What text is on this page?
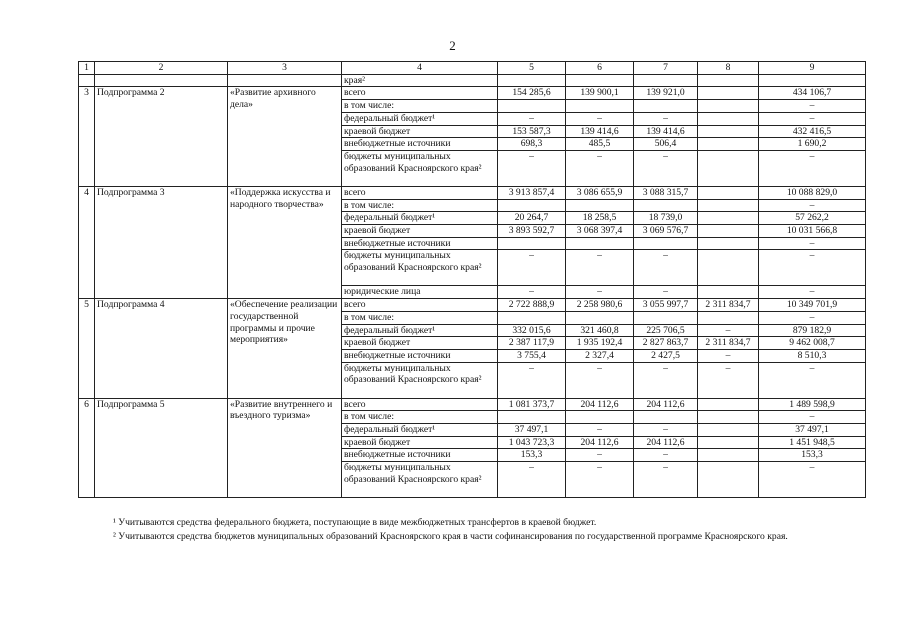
2
1	2	3	4	5	6	7	8	9
			края²					
3	Подпрограмма 2	«Развитие архивного дела»	всего	154 285,6	139 900,1	139 921,0		434 106,7
			в том числе:					–
			федеральный бюджет¹	–	–	–		–
			краевой бюджет	153 587,3	139 414,6	139 414,6		432 416,5
			внебюджетные источники	698,3	485,5	506,4		1 690,2
			бюджеты муниципальных образований Красноярского края²	–	–	–		–
4	Подпрограмма 3	«Поддержка искусства и народного творчества»	всего	3 913 857,4	3 086 655,9	3 088 315,7		10 088 829,0
			в том числе:					–
			федеральный бюджет¹	20 264,7	18 258,5	18 739,0		57 262,2
			краевой бюджет	3 893 592,7	3 068 397,4	3 069 576,7		10 031 566,8
			внебюджетные источники					–
			бюджеты муниципальных образований Красноярского края²	–	–	–		–
			юридические лица	–	–	–		–
5	Подпрограмма 4	«Обеспечение реализации государственной программы и прочие мероприятия»	всего	2 722 888,9	2 258 980,6	3 055 997,7	2 311 834,7	10 349 701,9
			в том числе:					–
			федеральный бюджет¹	332 015,6	321 460,8	225 706,5	–	879 182,9
			краевой бюджет	2 387 117,9	1 935 192,4	2 827 863,7	2 311 834,7	9 462 008,7
			внебюджетные источники	3 755,4	2 327,4	2 427,5	–	8 510,3
			бюджеты муниципальных образований Красноярского края²	–	–	–	–	–
6	Подпрограмма 5	«Развитие внутреннего и въездного туризма»	всего	1 081 373,7	204 112,6	204 112,6		1 489 598,9
			в том числе:					–
			федеральный бюджет¹	37 497,1	–	–		37 497,1
			краевой бюджет	1 043 723,3	204 112,6	204 112,6		1 451 948,5
			внебюджетные источники	153,3	–	–		153,3
			бюджеты муниципальных образований Красноярского края²	–	–	–		–
¹ Учитываются средства федерального бюджета, поступающие в виде межбюджетных трансфертов в краевой бюджет.
² Учитываются средства бюджетов муниципальных образований Красноярского края в части софинансирования по государственной программе Красноярского края.
